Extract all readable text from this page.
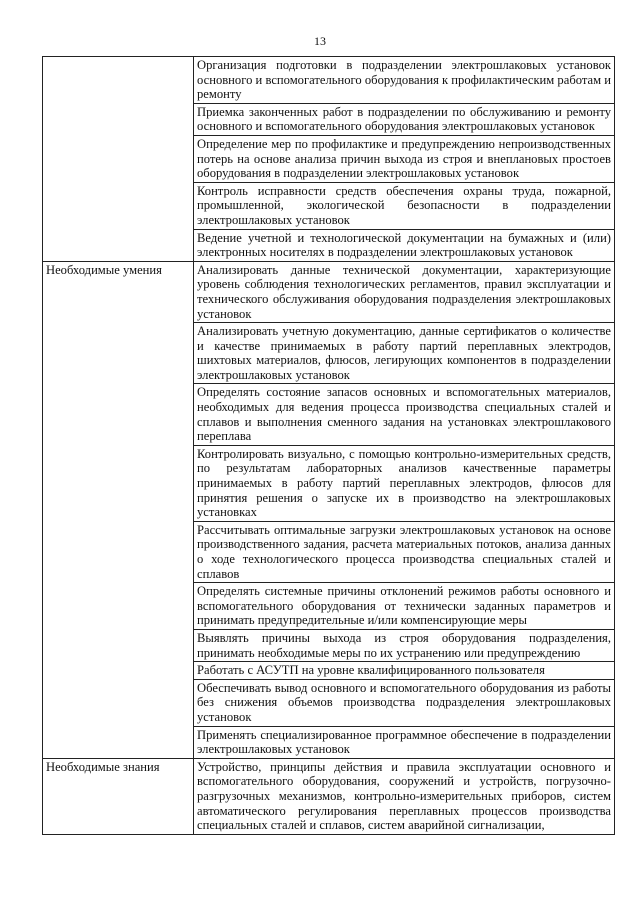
13
	Организация подготовки в подразделении электрошлаковых установок основного и вспомогательного оборудования к профилактическим работам и ремонту
	Приемка законченных работ в подразделении по обслуживанию и ремонту основного и вспомогательного оборудования электрошлаковых установок
	Определение мер по профилактике и предупреждению непроизводственных потерь на основе анализа причин выхода из строя и внеплановых простоев оборудования в подразделении электрошлаковых установок
	Контроль исправности средств обеспечения охраны труда, пожарной, промышленной, экологической безопасности в подразделении электрошлаковых установок
	Ведение учетной и технологической документации на бумажных и (или) электронных носителях в подразделении электрошлаковых установок
Необходимые умения	Анализировать данные технической документации, характеризующие уровень соблюдения технологических регламентов, правил эксплуатации и технического обслуживания оборудования подразделения электрошлаковых установок
	Анализировать учетную документацию, данные сертификатов о количестве и качестве принимаемых в работу партий переплавных электродов, шихтовых материалов, флюсов, легирующих компонентов в подразделении электрошлаковых установок
	Определять состояние запасов основных и вспомогательных материалов, необходимых для ведения процесса производства специальных сталей и сплавов и выполнения сменного задания на установках электрошлакового переплава
	Контролировать визуально, с помощью контрольно-измерительных средств, по результатам лабораторных анализов качественные параметры принимаемых в работу партий переплавных электродов, флюсов для принятия решения о запуске их в производство на электрошлаковых установках
	Рассчитывать оптимальные загрузки электрошлаковых установок на основе производственного задания, расчета материальных потоков, анализа данных о ходе технологического процесса производства специальных сталей и сплавов
	Определять системные причины отклонений режимов работы основного и вспомогательного оборудования от технически заданных параметров и принимать предупредительные и/или компенсирующие меры
	Выявлять причины выхода из строя оборудования подразделения, принимать необходимые меры по их устранению или предупреждению
	Работать с АСУТП на уровне квалифицированного пользователя
	Обеспечивать вывод основного и вспомогательного оборудования из работы без снижения объемов производства подразделения электрошлаковых установок
	Применять специализированное программное обеспечение в подразделении электрошлаковых установок
Необходимые знания	Устройство, принципы действия и правила эксплуатации основного и вспомогательного оборудования, сооружений и устройств, погрузочно-разгрузочных механизмов, контрольно-измерительных приборов, систем автоматического регулирования переплавных процессов производства специальных сталей и сплавов, систем аварийной сигнализации,
